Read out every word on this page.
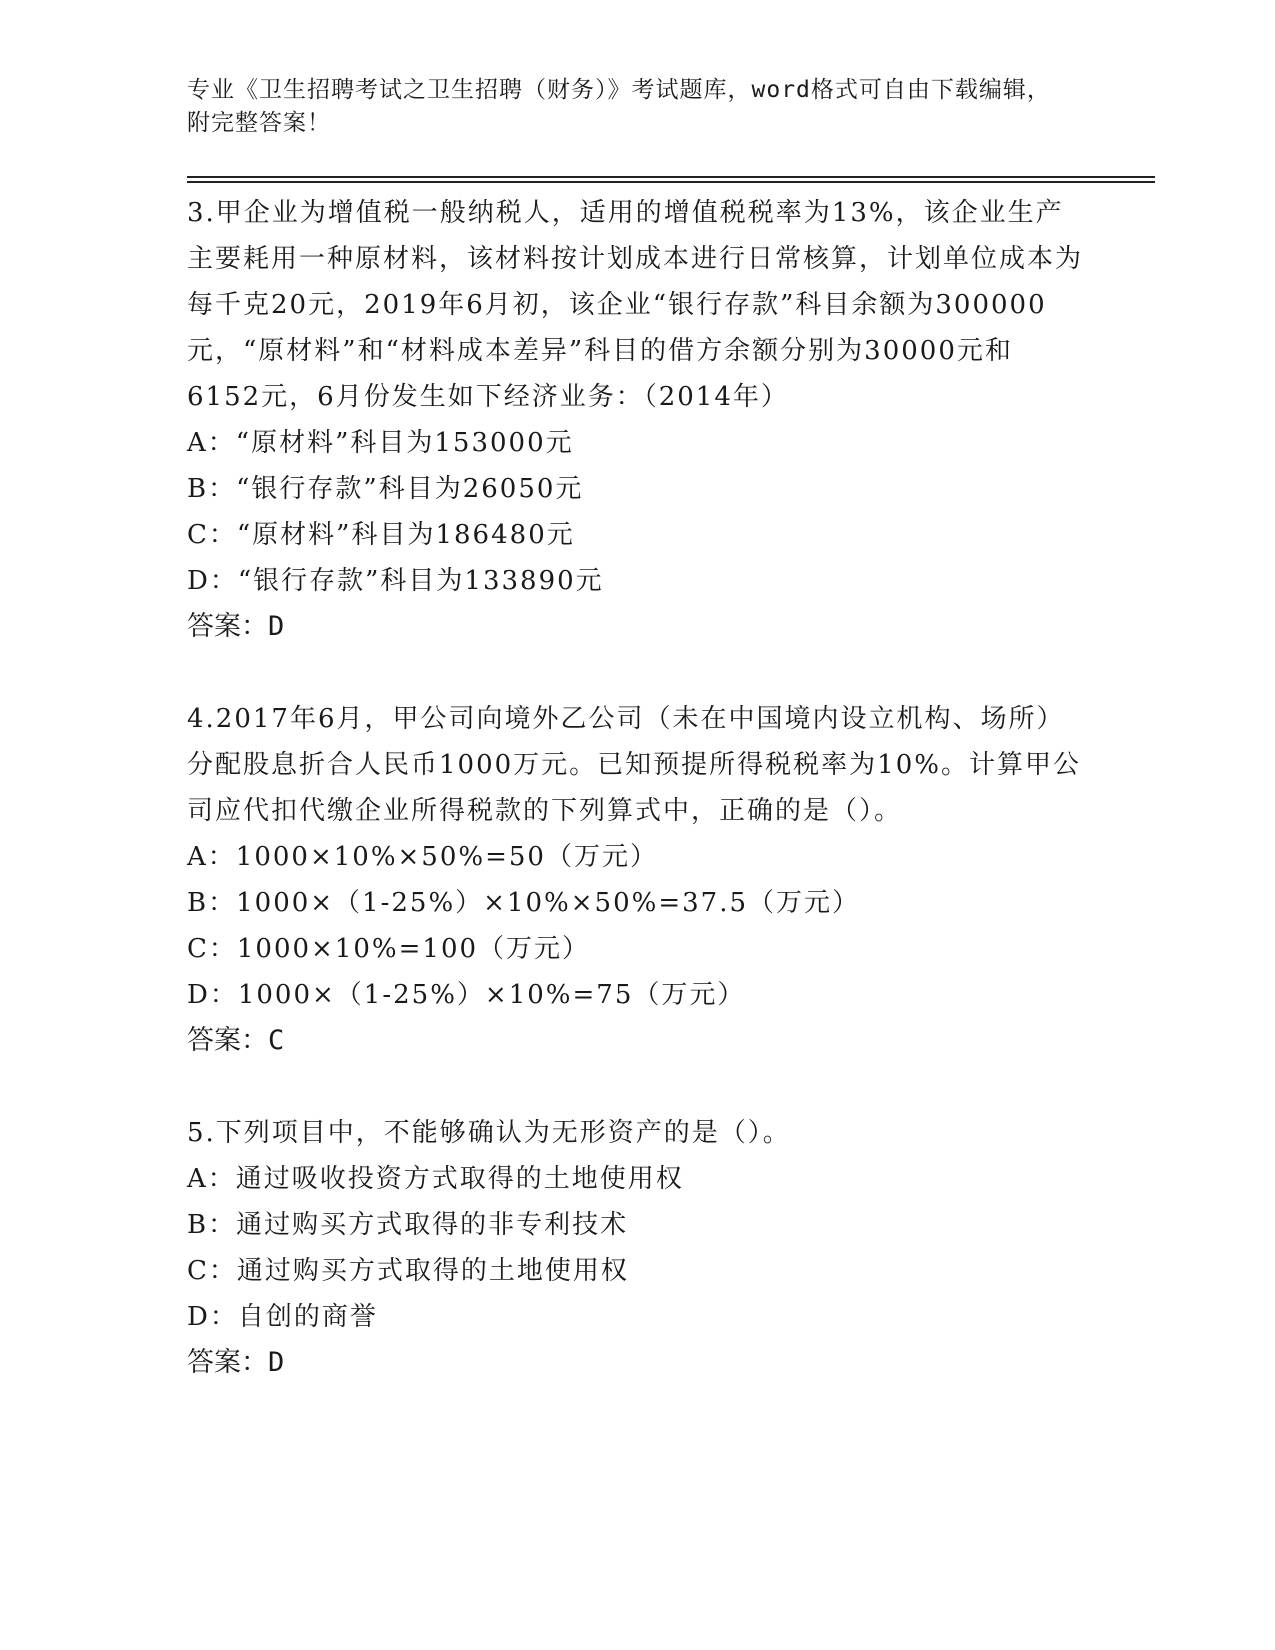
专业《卫生招聘考试之卫生招聘（财务）》考试题库，word格式可自由下载编辑，附完整答案！

3.甲企业为增值税一般纳税人，适用的增值税税率为13%，该企业生产主要耗用一种原材料，该材料按计划成本进行日常核算，计划单位成本为每千克20元，2019年6月初，该企业“银行存款”科目余额为300000元，“原材料”和“材料成本差异”科目的借方余额分别为30000元和6152元，6月份发生如下经济业务：（2014年）

A：“原材料”科目为153000元

B：“银行存款”科目为26050元

C：“原材料”科目为186480元

D：“银行存款”科目为133890元

答案：D

4.2017年6月，甲公司向境外乙公司（未在中国境内设立机构、场所）分配股息折合人民币1000万元。已知预提所得税税率为10%。计算甲公司应代扣代缴企业所得税款的下列算式中，正确的是（）。

A：1000×10%×50%=50（万元）

B：1000×（1-25%）×10%×50%=37.5（万元）

C：1000×10%=100（万元）

D：1000×（1-25%）×10%=75（万元）

答案：C

5.下列项目中，不能够确认为无形资产的是（）。

A：通过吸收投资方式取得的土地使用权

B：通过购买方式取得的非专利技术

C：通过购买方式取得的土地使用权

D：自创的商誉

答案：D
